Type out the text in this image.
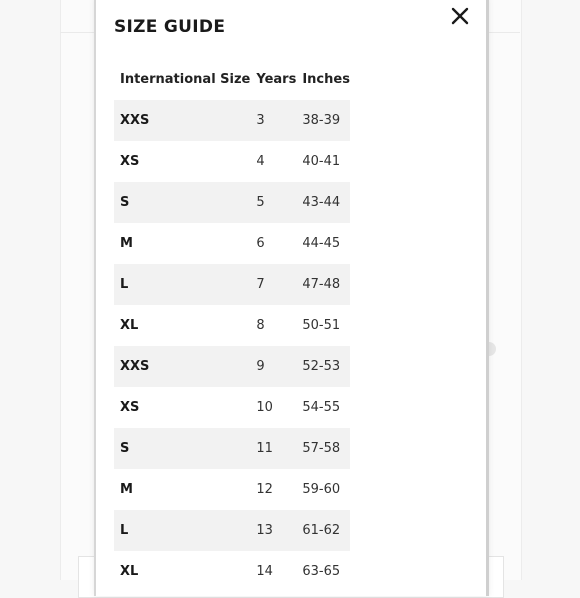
SIZE GUIDE
International Size	Years	Inches
XXS	3	38-39
XS	4	40-41
S	5	43-44
M	6	44-45
L	7	47-48
XL	8	50-51
XXS	9	52-53
XS	10	54-55
S	11	57-58
M	12	59-60
L	13	61-62
XL	14	63-65
